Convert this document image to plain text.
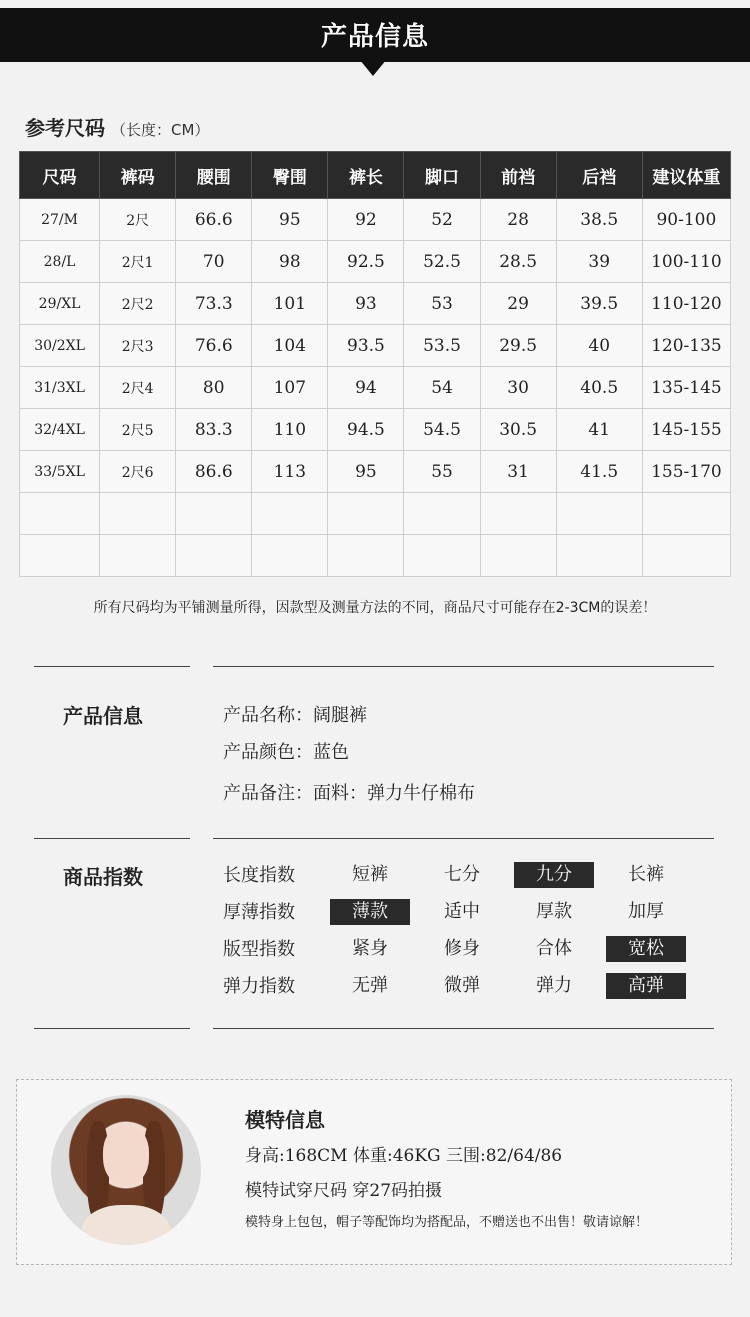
产品信息
参考尺码 （长度：CM）
尺码	裤码	腰围	臀围	裤长	脚口	前裆	后裆	建议体重
27/M	2尺	66.6	95	92	52	28	38.5	90-100
28/L	2尺1	70	98	92.5	52.5	28.5	39	100-110
29/XL	2尺2	73.3	101	93	53	29	39.5	110-120
30/2XL	2尺3	76.6	104	93.5	53.5	29.5	40	120-135
31/3XL	2尺4	80	107	94	54	30	40.5	135-145
32/4XL	2尺5	83.3	110	94.5	54.5	30.5	41	145-155
33/5XL	2尺6	86.6	113	95	55	31	41.5	155-170

所有尺码均为平铺测量所得，因款型及测量方法的不同，商品尺寸可能存在2-3CM的误差！
产品信息	产品名称：阔腿裤
产品颜色：蓝色
产品备注：面料：弹力牛仔棉布
商品指数	长度指数	短裤	七分	九分	长裤
厚薄指数	薄款	适中	厚款	加厚
版型指数	紧身	修身	合体	宽松
弹力指数	无弹	微弹	弹力	高弹
模特信息
身高:168CM 体重:46KG 三围:82/64/86
模特试穿尺码 穿27码拍摄
模特身上包包，帽子等配饰均为搭配品，不赠送也不出售！敬请谅解！
